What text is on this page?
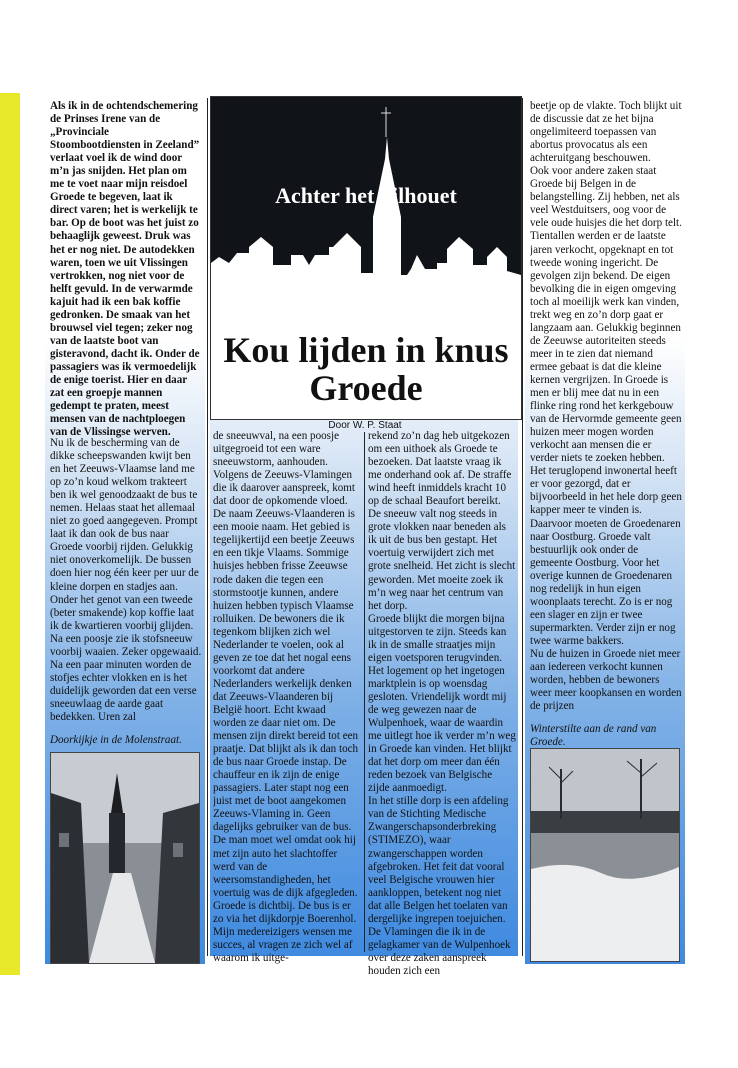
Achter het Silhouet
Kou lijden in knus Groede
Door W. P. Staat

Als ik in de ochtendschemering de Prinses Irene van de „Provinciale Stoombootdiensten in Zeeland” verlaat voel ik de wind door m’n jas snijden. Het plan om me te voet naar mijn reisdoel Groede te begeven, laat ik direct varen; het is werkelijk te bar. Op de boot was het juist zo behaaglijk geweest. Druk was het er nog niet. De autodekken waren, toen we uit Vlissingen vertrokken, nog niet voor de helft gevuld. In de verwarmde kajuit had ik een bak koffie gedronken. De smaak van het brouwsel viel tegen; zeker nog van de laatste boot van gisteravond, dacht ik. Onder de passagiers was ik vermoedelijk de enige toerist. Hier en daar zat een groepje mannen gedempt te praten, meest mensen van de nachtploegen van de Vlissingse werven.

Nu ik de bescherming van de dikke scheepswanden kwijt ben en het Zeeuws-Vlaamse land me op zo’n koud welkom trakteert ben ik wel genoodzaakt de bus te nemen. Helaas staat het allemaal niet zo goed aangegeven. Prompt laat ik dan ook de bus naar Groede voorbij rijden. Gelukkig niet onoverkomelijk. De bussen doen hier nog één keer per uur de kleine dorpen en stadjes aan. Onder het genot van een tweede (beter smakende) kop koffie laat ik de kwartieren voorbij glijden. Na een poosje zie ik stofsneeuw voorbij waaien. Zeker opgewaaid. Na een paar minuten worden de stofjes echter vlokken en is het duidelijk geworden dat een verse sneeuwlaag de aarde gaat bedekken. Uren zal

Doorkijkje in de Molenstraat.

de sneeuwval, na een poosje uitgegroeid tot een ware sneeuwstorm, aanhouden. Volgens de Zeeuws-Vlamingen die ik daarover aanspreek, komt dat door de opkomende vloed.

De naam Zeeuws-Vlaanderen is een mooie naam. Het gebied is tegelijkertijd een beetje Zeeuws en een tikje Vlaams. Sommige huisjes hebben frisse Zeeuwse rode daken die tegen een stormstootje kunnen, andere huizen hebben typisch Vlaamse rolluiken. De bewoners die ik tegenkom blijken zich wel Nederlander te voelen, ook al geven ze toe dat het nogal eens voorkomt dat andere Nederlanders werkelijk denken dat Zeeuws-Vlaanderen bij België hoort. Echt kwaad worden ze daar niet om. De mensen zijn direkt bereid tot een praatje. Dat blijkt als ik dan toch de bus naar Groede instap. De chauffeur en ik zijn de enige passagiers. Later stapt nog een juist met de boot aangekomen Zeeuws-Vlaming in. Geen dagelijks gebruiker van de bus. De man moet wel omdat ook hij met zijn auto het slachtoffer werd van de weersomstandigheden, het voertuig was de dijk afgegleden. Groede is dichtbij. De bus is er zo via het dijkdorpje Boerenhol. Mijn medereizigers wensen me succes, al vragen ze zich wel af waarom ik uitge-

rekend zo’n dag heb uitgekozen om een uithoek als Groede te bezoeken. Dat laatste vraag ik me onderhand ook af. De straffe wind heeft inmiddels kracht 10 op de schaal Beaufort bereikt. De sneeuw valt nog steeds in grote vlokken naar beneden als ik uit de bus ben gestapt. Het voertuig verwijdert zich met grote snelheid. Het zicht is slecht geworden. Met moeite zoek ik m’n weg naar het centrum van het dorp.

Groede blijkt die morgen bijna uitgestorven te zijn. Steeds kan ik in de smalle straatjes mijn eigen voetsporen terugvinden. Het logement op het ingetogen marktplein is op woensdag gesloten. Vriendelijk wordt mij de weg gewezen naar de Wulpenhoek, waar de waardin me uitlegt hoe ik verder m’n weg in Groede kan vinden. Het blijkt dat het dorp om meer dan één reden bezoek van Belgische zijde aanmoedigt.

In het stille dorp is een afdeling van de Stichting Medische Zwangerschapsonderbreking (STIMEZO), waar zwangerschappen worden afgebroken. Het feit dat vooral veel Belgische vrouwen hier aankloppen, betekent nog niet dat alle Belgen het toelaten van dergelijke ingrepen toejuichen. De Vlamingen die ik in de gelagkamer van de Wulpenhoek over deze zaken aanspreek houden zich een

beetje op de vlakte. Toch blijkt uit de discussie dat ze het bijna ongelimiteerd toepassen van abortus provocatus als een achteruitgang beschouwen.

Ook voor andere zaken staat Groede bij Belgen in de belangstelling. Zij hebben, net als veel Westduitsers, oog voor de vele oude huisjes die het dorp telt. Tientallen werden er de laatste jaren verkocht, opgeknapt en tot tweede woning ingericht. De gevolgen zijn bekend. De eigen bevolking die in eigen omgeving toch al moeilijk werk kan vinden, trekt weg en zo’n dorp gaat er langzaam aan. Gelukkig beginnen de Zeeuwse autoriteiten steeds meer in te zien dat niemand ermee gebaat is dat die kleine kernen vergrijzen. In Groede is men er blij mee dat nu in een flinke ring rond het kerkgebouw van de Hervormde gemeente geen huizen meer mogen worden verkocht aan mensen die er verder niets te zoeken hebben.

Het teruglopend inwonertal heeft er voor gezorgd, dat er bijvoorbeeld in het hele dorp geen kapper meer te vinden is. Daarvoor moeten de Groedenaren naar Oostburg. Groede valt bestuurlijk ook onder de gemeente Oostburg. Voor het overige kunnen de Groedenaren nog redelijk in hun eigen woonplaats terecht. Zo is er nog een slager en zijn er twee supermarkten. Verder zijn er nog twee warme bakkers.

Nu de huizen in Groede niet meer aan iedereen verkocht kunnen worden, hebben de bewoners weer meer koopkansen en worden de prijzen

Winterstilte aan de rand van Groede.
